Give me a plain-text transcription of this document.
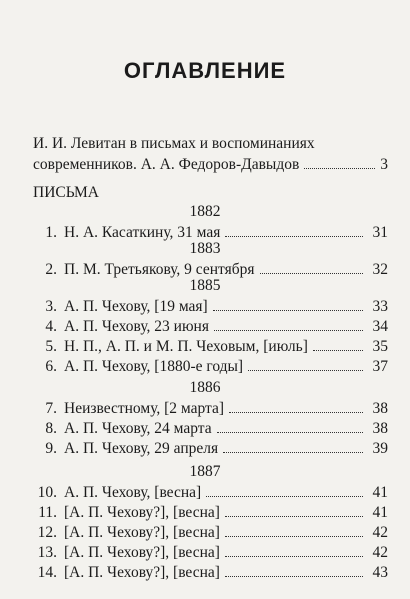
ОГЛАВЛЕНИЕ
И. И. Левитан в письмах и воспоминаниях
современников. А. А. Федоров-Давыдов	3
ПИСЬМА
1882
1. Н. А. Касаткину, 31 мая	31
1883
2. П. М. Третьякову, 9 сентября	32
1885
3. А. П. Чехову, [19 мая]	33
4. А. П. Чехову, 23 июня	34
5. Н. П., А. П. и М. П. Чеховым, [июль]	35
6. А. П. Чехову, [1880-е годы]	37
1886
7. Неизвестному, [2 марта]	38
8. А. П. Чехову, 24 марта	38
9. А. П. Чехову, 29 апреля	39
1887
10. А. П. Чехову, [весна]	41
11. [А. П. Чехову?], [весна]	41
12. [А. П. Чехову?], [весна]	42
13. [А. П. Чехову?], [весна]	42
14. [А. П. Чехову?], [весна]	43
